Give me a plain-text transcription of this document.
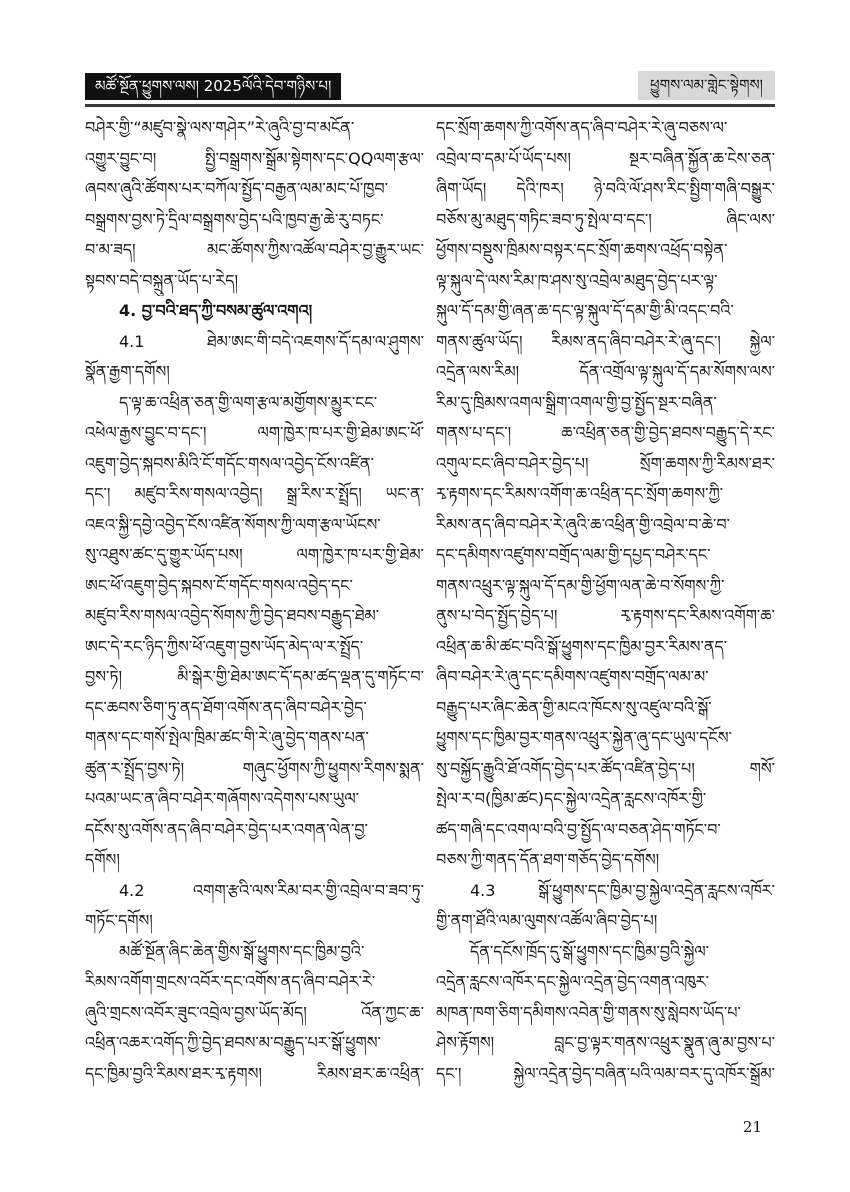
མཚོ་སྔོན་ཕྱུགས་ལས། 2025ལོའི་དེབ་གཉིས་པ།	ཕྱུགས་ལམ་གླེང་སྟེགས།
བཤེར་གྱི་“མཛུབ་སྣེ་ལས་གཤེར”རེ་ཞུའི་བྱ་བ་མངོན་
འགྱུར་བྱུང་བ། སྤྱི་བསྒྲགས་སྒྲོམ་སྟེགས་དང་QQལག་རྩལ་
ཞབས་ཞུའི་ཚོགས་པར་བཀོལ་སྤྱོད་བརྒྱན་ལམ་མང་པོ་ཁྱབ་
བསྒྲགས་བྱས་ཏེ་དྲིལ་བསྒྲགས་བྱེད་པའི་ཁྱབ་རྒྱ་ཆེ་རུ་བཏང་
བ་མ་ཟད། མང་ཚོགས་ཀྱིས་འཚོལ་བཤེར་བྱ་རྒྱུར་ཡང་
སྟབས་བདེ་བསྐྲུན་ཡོད་པ་རེད།
4. བྱ་བའི་ཐད་ཀྱི་བསམ་ཚུལ་འགའ།
4.1 ཐེམ་ཨང་གི་བདེ་འཇགས་དོ་དམ་ལ་ཤུགས་
སྣོན་རྒྱག་དགོས།
ད་ལྟ་ཆ་འཕྲིན་ཅན་གྱི་ལག་རྩལ་མགྱོགས་མྱུར་ངང་
འཕེལ་རྒྱས་བྱུང་བ་དང་། ལག་ཁྱེར་ཁ་པར་གྱི་ཐེམ་ཨང་ཕོ་
འཇུག་བྱེད་སྐབས་མིའི་ངོ་གདོང་གསལ་འབྱེད་ངོས་འཛིན་
དང་། མཛུབ་རིས་གསལ་འབྱེད། སྒྲ་རིས་ར་སྤྲོད། ཡང་ན་
འཇའ་སྐྱི་དབྱེ་འབྱེད་ངོས་འཛིན་སོགས་ཀྱི་ལག་རྩལ་ཡོངས་
སུ་འཐུས་ཚང་དུ་གྱུར་ཡོད་པས། ལག་ཁྱེར་ཁ་པར་གྱི་ཐེམ་
ཨང་ཕོ་འཇུག་བྱེད་སྐབས་ངོ་གདོང་གསལ་འབྱེད་དང་
མཛུབ་རིས་གསལ་འབྱེད་སོགས་ཀྱི་བྱེད་ཐབས་བརྒྱུད་ཐེམ་
ཨང་དེ་རང་ཉིད་ཀྱིས་ཕོ་འཇུག་བྱས་ཡོད་མེད་ལ་ར་སྤྲོད་
བྱས་ཏེ། མི་སྒེར་གྱི་ཐེམ་ཨང་དོ་དམ་ཚད་ལྡན་དུ་གཏོང་བ་
དང་ཆབས་ཅིག་ཏུ་ནད་ཐོག་འགོས་ནད་ཞིབ་བཤེར་བྱེད་
གནས་དང་གསོ་སྤེལ་ཁྲིམ་ཚང་གི་རེ་ཞུ་བྱེད་གནས་པན་
ཚུན་ར་སྤྲོད་བྱས་ཏེ། གཞུང་ཕྱོགས་ཀྱི་ཕྱུགས་རིགས་སྨན་
པའམ་ཡང་ན་ཞིབ་བཤེར་གཞོགས་འདེགས་པས་ཡུལ་
དངོས་སུ་འགོས་ནད་ཞིབ་བཤེར་བྱེད་པར་འགན་ལེན་བྱ་
དགོས།
4.2 འགག་རྩའི་ལས་རིམ་བར་གྱི་འབྲེལ་བ་ཟབ་ཏུ་
གཏོང་དགོས།
མཚོ་སྔོན་ཞིང་ཆེན་གྱིས་སྒོ་ཕྱུགས་དང་ཁྱིམ་བྱའི་
རིམས་འགོག་གྲངས་འབོར་དང་འགོས་ནད་ཞིབ་བཤེར་རེ་
ཞུའི་གྲངས་འབོར་ཟུང་འབྲེལ་བྱས་ཡོད་མོད། འོན་ཀྱང་ཆ་
འཕྲིན་འཆར་འགོད་ཀྱི་བྱེད་ཐབས་མ་བརྒྱུད་པར་སྒོ་ཕྱུགས་
དང་ཁྱིམ་བྱའི་རིམས་ཐར་རྭ་རྟགས། རིམས་ཐར་ཆ་འཕྲིན་
དང་སྲོག་ཆགས་ཀྱི་འགོས་ནད་ཞིབ་བཤེར་རེ་ཞུ་བཅས་ལ་
འབྲེལ་བ་དམ་པོ་ཡོད་པས། སྔར་བཞིན་སྐྱོན་ཆ་ངེས་ཅན་
ཞིག་ཡོད། དེའི་ཁར། ཉེ་བའི་ལོ་ཤས་རིང་སྤྱིག་གཞི་བསྒྱུར་
བཅོས་མུ་མཐུད་གཏིང་ཟབ་ཏུ་སྤེལ་བ་དང་། ཞིང་ལས་
ཕྱོགས་བསྡུས་ཁྲིམས་བསྟར་དང་སྲོག་ཆགས་འཕྲོད་བསྟེན་
ལྟ་སྐུལ་དེ་ལས་རིམ་ཁ་ཤས་སུ་འབྲེལ་མཐུད་བྱེད་པར་ལྟ་
སྐུལ་དོ་དམ་གྱི་ཞན་ཆ་དང་ལྟ་སྐུལ་དོ་དམ་གྱི་མི་འདང་བའི་
གནས་ཚུལ་ཡོད། རིམས་ནད་ཞིབ་བཤེར་རེ་ཞུ་དང་། སྐྱེལ་
འདྲེན་ལས་རིམ། དོན་འགྲོལ་ལྟ་སྐུལ་དོ་དམ་སོགས་ལས་
རིམ་དུ་ཁྲིམས་འགལ་སྒྲིག་འགལ་གྱི་བྱ་སྤྱོད་སྔར་བཞིན་
གནས་པ་དང་། ཆ་འཕྲིན་ཅན་གྱི་བྱེད་ཐབས་བརྒྱུད་དེ་རང་
འགུལ་ངང་ཞིབ་བཤེར་བྱེད་པ། སྲོག་ཆགས་ཀྱི་རིམས་ཐར་
རྭ་རྟགས་དང་རིམས་འགོག་ཆ་འཕྲིན་དང་སྲོག་ཆགས་ཀྱི་
རིམས་ནད་ཞིབ་བཤེར་རེ་ཞུའི་ཆ་འཕྲིན་གྱི་འབྲེལ་བ་ཆེ་བ་
དང་དམིགས་འཛུགས་བགྲོད་ལམ་གྱི་དཔྱད་བཤེར་དང་
གནས་འཕྲུར་ལྟ་སྐུལ་དོ་དམ་གྱི་ཕྱོག་ལན་ཆེ་བ་སོགས་ཀྱི་
ནུས་པ་བེད་སྤྱོད་བྱེད་པ། རྭ་རྟགས་དང་རིམས་འགོག་ཆ་
འཕྲིན་ཆ་མི་ཚང་བའི་སྒོ་ཕྱུགས་དང་ཁྱིམ་བྱར་རིམས་ནད་
ཞིབ་བཤེར་རེ་ཞུ་དང་དམིགས་འཛུགས་བགྲོད་ལམ་མ་
བརྒྱུད་པར་ཞིང་ཆེན་གྱི་མངའ་ཁོངས་སུ་འཛུལ་བའི་སྒོ་
ཕྱུགས་དང་ཁྱིམ་བྱར་གནས་འཕྲུར་སྐྱེན་ཞུ་དང་ཡུལ་དངོས་
སུ་བསྐྱོད་རྒྱུའི་ཐོ་འགོད་བྱེད་པར་ཚོད་འཛིན་བྱེད་པ། གསོ་
སྤེལ་ར་བ(ཁྱིམ་ཚང)དང་སྐྱེལ་འདྲེན་རླངས་འཁོར་གྱི་
ཚད་གཞི་དང་འགལ་བའི་བྱ་སྤྱོད་ལ་བཅན་ཤེད་གཏོང་བ་
བཅས་ཀྱི་གནད་དོན་ཐག་གཅོད་བྱེད་དགོས།
4.3 སྒོ་ཕྱུགས་དང་ཁྱིམ་བྱ་སྐྱེལ་འདྲེན་རླངས་འཁོར་
གྱི་ནག་ཐོའི་ལམ་ལུགས་འཚོལ་ཞིབ་བྱེད་པ།
དོན་དངོས་ཁྲོད་དུ་སྒོ་ཕྱུགས་དང་ཁྱིམ་བྱའི་སྐྱེལ་
འདྲེན་རླངས་འཁོར་དང་སྐྱེལ་འདྲེན་བྱེད་འགན་འཁུར་
མཁན་ཁག་ཅིག་དམིགས་འབེན་གྱི་གནས་སུ་སླེབས་ཡོད་པ་
ཤེས་རྟོགས། བླང་བྱ་ལྟར་གནས་འཕྲུར་སྣུན་ཞུ་མ་བྱས་པ་
དང་། སྐྱེལ་འདྲེན་བྱེད་བཞིན་པའི་ལམ་བར་དུ་འཁོར་སྒྲོམ་
21
